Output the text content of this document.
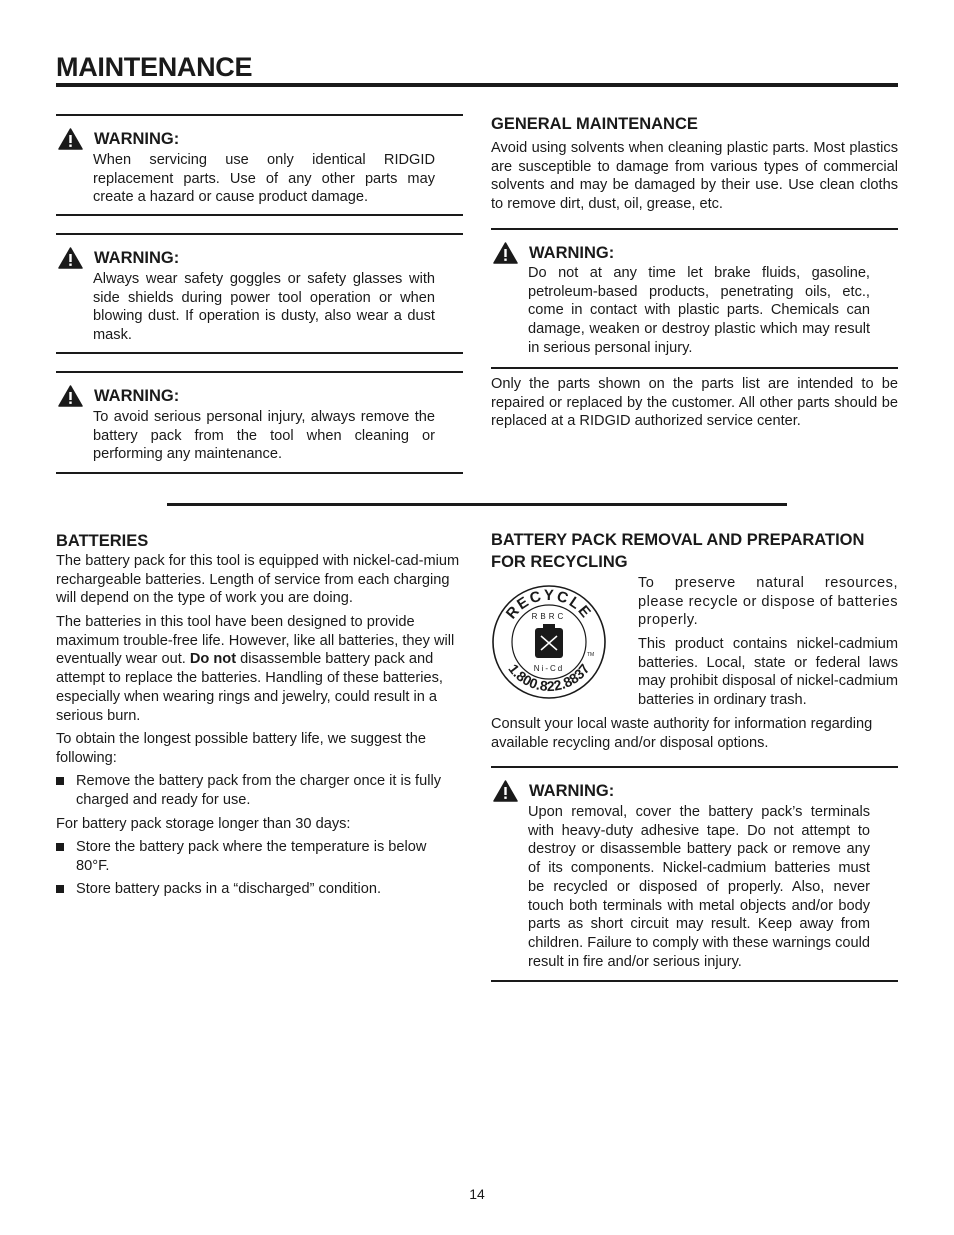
MAINTENANCE
WARNING:
When servicing use only identical RIDGID replacement parts. Use of any other parts may create a hazard or cause product damage.
WARNING:
Always wear safety goggles or safety glasses with side shields during power tool operation or when blowing dust. If operation is dusty, also wear a dust mask.
WARNING:
To avoid serious personal injury, always remove the battery pack from the tool when cleaning or performing any maintenance.
GENERAL MAINTENANCE
Avoid using solvents when cleaning plastic parts. Most plastics are susceptible to damage from various types of commercial solvents and may be damaged by their use. Use clean cloths to remove dirt, dust, oil, grease, etc.
WARNING:
Do not at any time let brake fluids, gasoline, petroleum-based products, penetrating oils, etc., come in contact with plastic parts. Chemicals can damage, weaken or destroy plastic which may result in serious personal injury.
Only the parts shown on the parts list are intended to be repaired or replaced by the customer. All other parts should be replaced at a RIDGID authorized service center.
BATTERIES
The battery pack for this tool is equipped with nickel-cad-mium rechargeable batteries. Length of service from each charging will depend on the type of work you are doing.
The batteries in this tool have been designed to provide maximum trouble-free life. However, like all batteries, they will eventually wear out. Do not disassemble battery pack and attempt to replace the batteries. Handling of these batteries, especially when wearing rings and jewelry, could result in a serious burn.
To obtain the longest possible battery life, we suggest the following:
Remove the battery pack from the charger once it is fully charged and ready for use.
For battery pack storage longer than 30 days:
Store the battery pack where the temperature is below 80°F.
Store battery packs in a “discharged” condition.
BATTERY PACK REMOVAL AND PREPARATION
FOR RECYCLING
RECYCLE
1.800.822.8837
RBRC
Ni-Cd
TM
To preserve natural resources, please recycle or dispose of batteries properly.
This product contains nickel-cadmium batteries. Local, state or federal laws may prohibit disposal of nickel-cadmium batteries in ordinary trash.
Consult your local waste authority for information regarding available recycling and/or disposal options.
WARNING:
Upon removal, cover the battery pack’s terminals with heavy-duty adhesive tape. Do not attempt to destroy or disassemble battery pack or remove any of its components. Nickel-cadmium batteries must be recycled or disposed of properly. Also, never touch both terminals with metal objects and/or body parts as short circuit may result. Keep away from children. Failure to comply with these warnings could result in fire and/or serious injury.
14
